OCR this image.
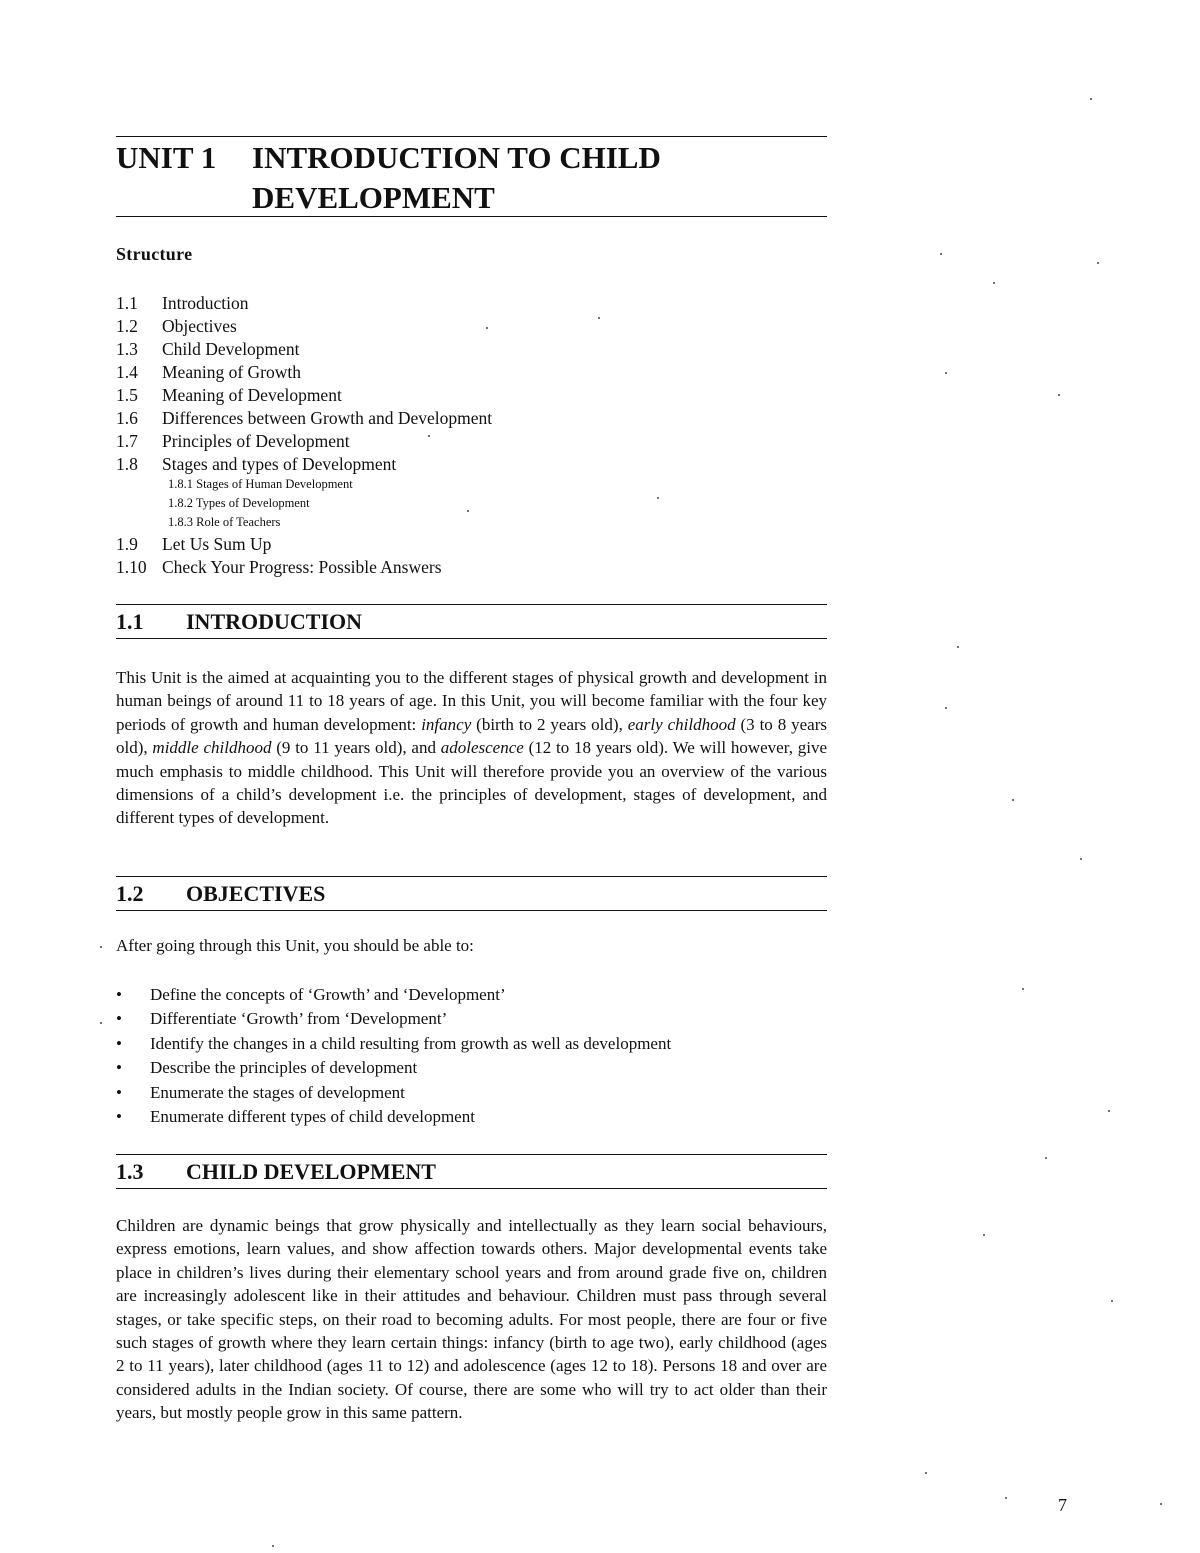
UNIT 1 INTRODUCTION TO CHILD
DEVELOPMENT
Structure
1.1 Introduction
1.2 Objectives
1.3 Child Development
1.4 Meaning of Growth
1.5 Meaning of Development
1.6 Differences between Growth and Development
1.7 Principles of Development
1.8 Stages and types of Development
1.8.1 Stages of Human Development
1.8.2 Types of Development
1.8.3 Role of Teachers
1.9 Let Us Sum Up
1.10 Check Your Progress: Possible Answers
1.1 INTRODUCTION

This Unit is the aimed at acquainting you to the different stages of physical growth and development in human beings of around 11 to 18 years of age. In this Unit, you will become familiar with the four key periods of growth and human development: infancy (birth to 2 years old), early childhood (3 to 8 years old), middle childhood (9 to 11 years old), and adolescence (12 to 18 years old). We will however, give much emphasis to middle childhood. This Unit will therefore provide you an overview of the various dimensions of a child’s development i.e. the principles of development, stages of development, and different types of development.

1.2 OBJECTIVES
After going through this Unit, you should be able to:
• Define the concepts of ‘Growth’ and ‘Development’
• Differentiate ‘Growth’ from ‘Development’
• Identify the changes in a child resulting from growth as well as development
• Describe the principles of development
• Enumerate the stages of development
• Enumerate different types of child development
1.3 CHILD DEVELOPMENT

Children are dynamic beings that grow physically and intellectually as they learn social behaviours, express emotions, learn values, and show affection towards others. Major developmental events take place in children’s lives during their elementary school years and from around grade five on, children are increasingly adolescent like in their attitudes and behaviour. Children must pass through several stages, or take specific steps, on their road to becoming adults. For most people, there are four or five such stages of growth where they learn certain things: infancy (birth to age two), early childhood (ages 2 to 11 years), later childhood (ages 11 to 12) and adolescence (ages 12 to 18). Persons 18 and over are considered adults in the Indian society. Of course, there are some who will try to act older than their years, but mostly people grow in this same pattern.

7
